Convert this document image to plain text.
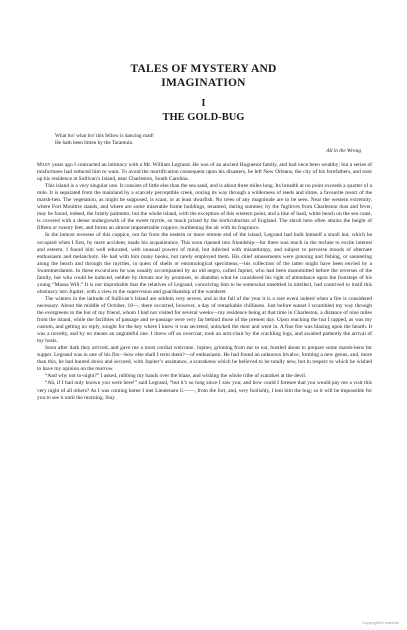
TALES OF MYSTERY AND
IMAGINATION
I
THE GOLD-BUG
What ho! what ho! this fellow is dancing mad!
He hath been bitten by the Tarantula.
All in the Wrong

Many years ago I contracted an intimacy with a Mr. William Legrand. He was of an ancient Huguenot family, and had once been wealthy; but a series of misfortunes had reduced him to want. To avoid the mortification consequent upon his disasters, he left New Orleans, the city of his forefathers, and took up his residence at Sullivan’s Island, near Charleston, South Carolina.

This island is a very singular one. It consists of little else than the sea sand, and is about three miles long. Its breadth at no point exceeds a quarter of a mile. It is separated from the mainland by a scarcely perceptible creek, oozing its way through a wilderness of reeds and slime, a favourite resort of the marsh-hen. The vegetation, as might be supposed, is scant, or at least dwarfish. No trees of any magnitude are to be seen. Near the western extremity, where Fort Moultrie stands, and where are some miserable frame buildings, tenanted, during summer, by the fugitives from Charleston dust and fever, may be found, indeed, the bristly palmetto; but the whole island, with the exception of this western point, and a line of hard, white beach on the sea coast, is covered with a dense undergrowth of the sweet myrtle, so much prized by the horticulturists of England. The shrub here often attains the height of fifteen or twenty feet, and forms an almost impenetrable coppice, burthening the air with its fragrance.

In the inmost recesses of this coppice, not far from the eastern or more remote end of the island, Legrand had built himself a small hut, which he occupied when I first, by mere accident, made his acquaintance. This soon ripened into friendship—for there was much in the recluse to excite interest and esteem. I found him well educated, with unusual powers of mind, but infected with misanthropy, and subject to perverse moods of alternate enthusiasm and melancholy. He had with him many books, but rarely employed them. His chief amusements were gunning and fishing, or sauntering along the beach and through the myrtles, in quest of shells or entomological specimens;—his collection of the latter might have been envied by a Swammerdamm. In these excursions he was usually accompanied by an old negro, called Jupiter, who had been manumitted before the reverses of the family, but who could be induced, neither by threats nor by promises, to abandon what he considered his right of attendance upon the footsteps of his young “Massa Will.” It is not improbable that the relatives of Legrand, conceiving him to be somewhat unsettled in intellect, had contrived to instil this obstinacy into Jupiter, with a view to the supervision and guardianship of the wanderer.

The winters in the latitude of Sullivan’s Island are seldom very severe, and in the fall of the year it is a rare event indeed when a fire is considered necessary. About the middle of October, 18—, there occurred, however, a day of remarkable chilliness. Just before sunset I scrambled my way through the evergreens to the hut of my friend, whom I had not visited for several weeks—my residence being at that time in Charleston, a distance of nine miles from the island, while the facilities of passage and re-passage were very far behind those of the present day. Upon reaching the hut I rapped, as was my custom, and getting no reply, sought for the key where I knew it was secreted, unlocked the door and went in. A fine fire was blazing upon the hearth. It was a novelty, and by no means an ungrateful one. I threw off an overcoat, took an arm-chair by the crackling logs, and awaited patiently the arrival of my hosts.

Soon after dark they arrived, and gave me a most cordial welcome. Jupiter, grinning from ear to ear, bustled about to prepare some marsh-hens for supper. Legrand was in one of his fits—how else shall I term them?—of enthusiasm. He had found an unknown bivalve, forming a new genus, and, more than this, he had hunted down and secured, with Jupiter’s assistance, a scarabæus which he believed to be totally new, but in respect to which he wished to have my opinion on the morrow.

“And why not to-night?” I asked, rubbing my hands over the blaze, and wishing the whole tribe of scarabæi at the devil.

“Ah, if I had only known you were here!” said Legrand, “but it’s so long since I saw you; and how could I foresee that you would pay me a visit this very night of all others? As I was coming home I met Lieutenant G——, from the fort, and, very foolishly, I lent him the bug; so it will be impossible for you to see it until the morning. Stay

Copyrighted material
